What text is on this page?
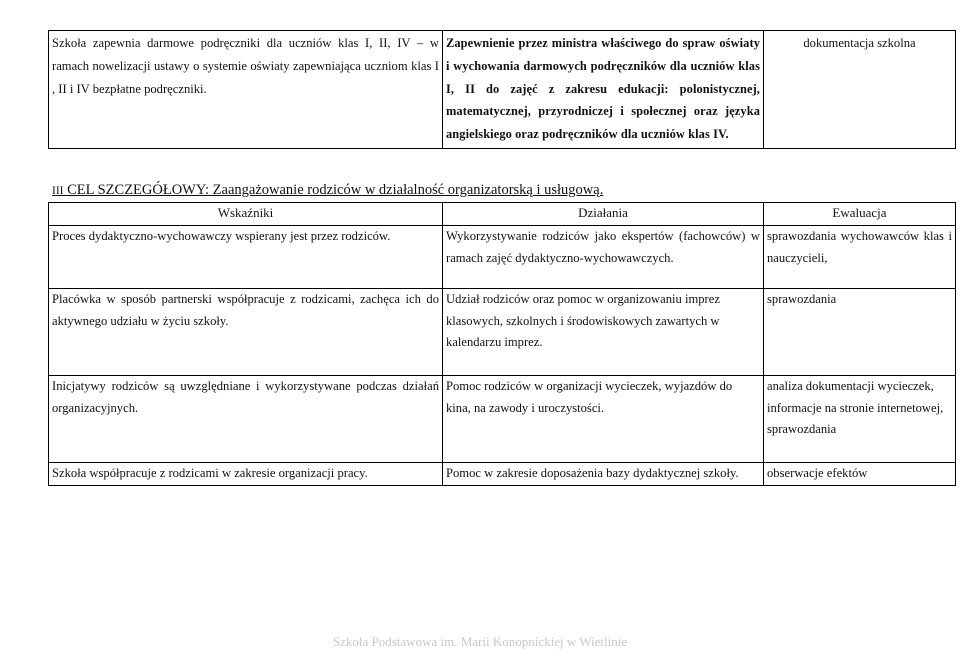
Szkoła zapewnia darmowe podręczniki dla uczniów klas I, II, IV – w ramach nowelizacji ustawy o systemie oświaty zapewniająca uczniom klas I , II i IV bezpłatne podręczniki.	Zapewnienie przez ministra właściwego do spraw oświaty i wychowania darmowych podręczników dla uczniów klas I, II do zajęć z zakresu edukacji: polonistycznej, matematycznej, przyrodniczej i społecznej oraz języka angielskiego oraz podręczników dla uczniów klas IV.	dokumentacja szkolna
III CEL SZCZEGÓŁOWY: Zaangażowanie rodziców w działalność organizatorską i usługową.
Wskaźniki	Działania	Ewaluacja
Proces dydaktyczno-wychowawczy wspierany jest przez rodziców.	Wykorzystywanie rodziców jako ekspertów (fachowców) w ramach zajęć dydaktyczno-wychowawczych.	sprawozdania wychowawców klas i nauczycieli,
Placówka w sposób partnerski współpracuje z rodzicami, zachęca ich do aktywnego udziału w życiu szkoły.	Udział rodziców oraz pomoc w organizowaniu imprez klasowych, szkolnych i środowiskowych zawartych w kalendarzu imprez.	sprawozdania
Inicjatywy rodziców są uwzględniane i wykorzystywane podczas działań organizacyjnych.	Pomoc rodziców w organizacji wycieczek, wyjazdów do kina, na zawody i uroczystości.	analiza dokumentacji wycieczek, informacje na stronie internetowej, sprawozdania
Szkoła współpracuje z rodzicami w zakresie organizacji pracy.	Pomoc w zakresie doposażenia bazy dydaktycznej szkoły.	obserwacje efektów
Szkoła Podstawowa im. Marii Konopnickiej w Wietlinie
